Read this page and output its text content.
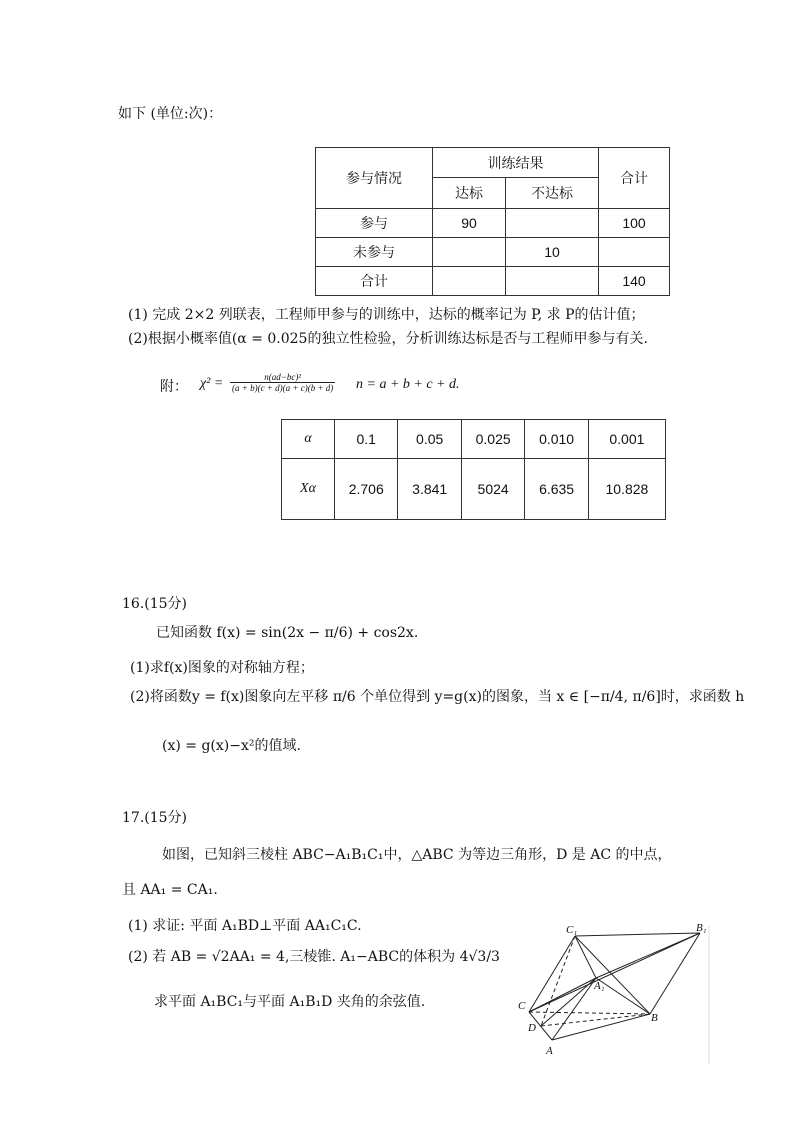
如下 (单位:次)：
参与情况	训练结果		合计
	达标	不达标	
参与	90		100
未参与		10	
合计			140
(1) 完成 2×2 列联表，工程师甲参与的训练中，达标的概率记为 P, 求 P的估计值；
(2)根据小概率值(α = 0.025的独立性检验，分析训练达标是否与工程师甲参与有关.
附： $\chi^2 = \frac{\text{n(ad−bc)²}}{(a + b)(c + d)(a + c)(b + d)}$ n = a + b + c + d.
α	0.1	0.05	0.025	0.010	0.001
Xα	2.706	3.841	5024	6.635	10.828
16.(15分)
已知函数 f(x) = sin(2x − π/6) + cos2x.
(1)求f(x)图象的对称轴方程；
(2)将函数y = f(x)图象向左平移 π/6 个单位得到 y=g(x)的图象，当 x ∈ [−π/4, π/6]时，求函数 h
(x) = g(x)−x²的值域.
17.(15分)
如图，已知斜三棱柱 ABC−A₁B₁C₁中，△ABC 为等边三角形，D 是 AC 的中点，
且 AA₁ = CA₁.
(1) 求证: 平面 A₁BD⊥平面 AA₁C₁C.
(2) 若 AB = √2AA₁ = 4,三棱锥. A₁−ABC的体积为 4√3/3
求平面 A₁BC₁与平面 A₁B₁D 夹角的余弦值.
C₁	B₁
A₁
C
D
A
B
